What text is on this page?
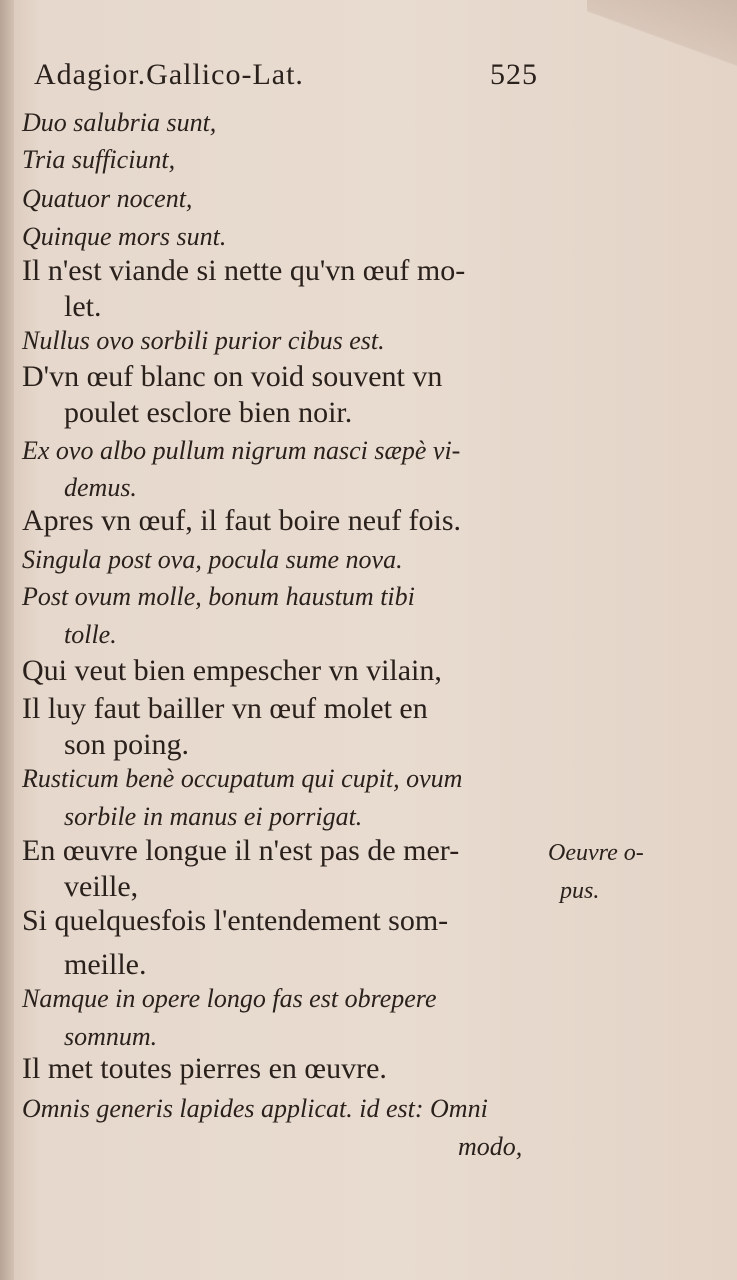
Adagior.Gallico-Lat.	525
Duo salubria sunt,
Tria sufficiunt,
Quatuor nocent,
Quinque mors sunt.
Il n'est viande si nette qu'vn œuf mo-
let.
Nullus ovo sorbili purior cibus est.
D'vn œuf blanc on void souvent vn
poulet esclore bien noir.
Ex ovo albo pullum nigrum nasci sæpè vi-
demus.
Apres vn œuf, il faut boire neuf fois.
Singula post ova, pocula sume nova.
Post ovum molle, bonum haustum tibi
tolle.
Qui veut bien empescher vn vilain,
Il luy faut bailler vn œuf molet en
son poing.
Rusticum benè occupatum qui cupit, ovum
sorbile in manus ei porrigat.
En œuvre longue il n'est pas de mer-
veille,
Si quelquesfois l'entendement som-
meille.
Namque in opere longo fas est obrepere
somnum.
Il met toutes pierres en œuvre.
Omnis generis lapides applicat. id est: Omni
modo,
Oeuvre o-
pus.
